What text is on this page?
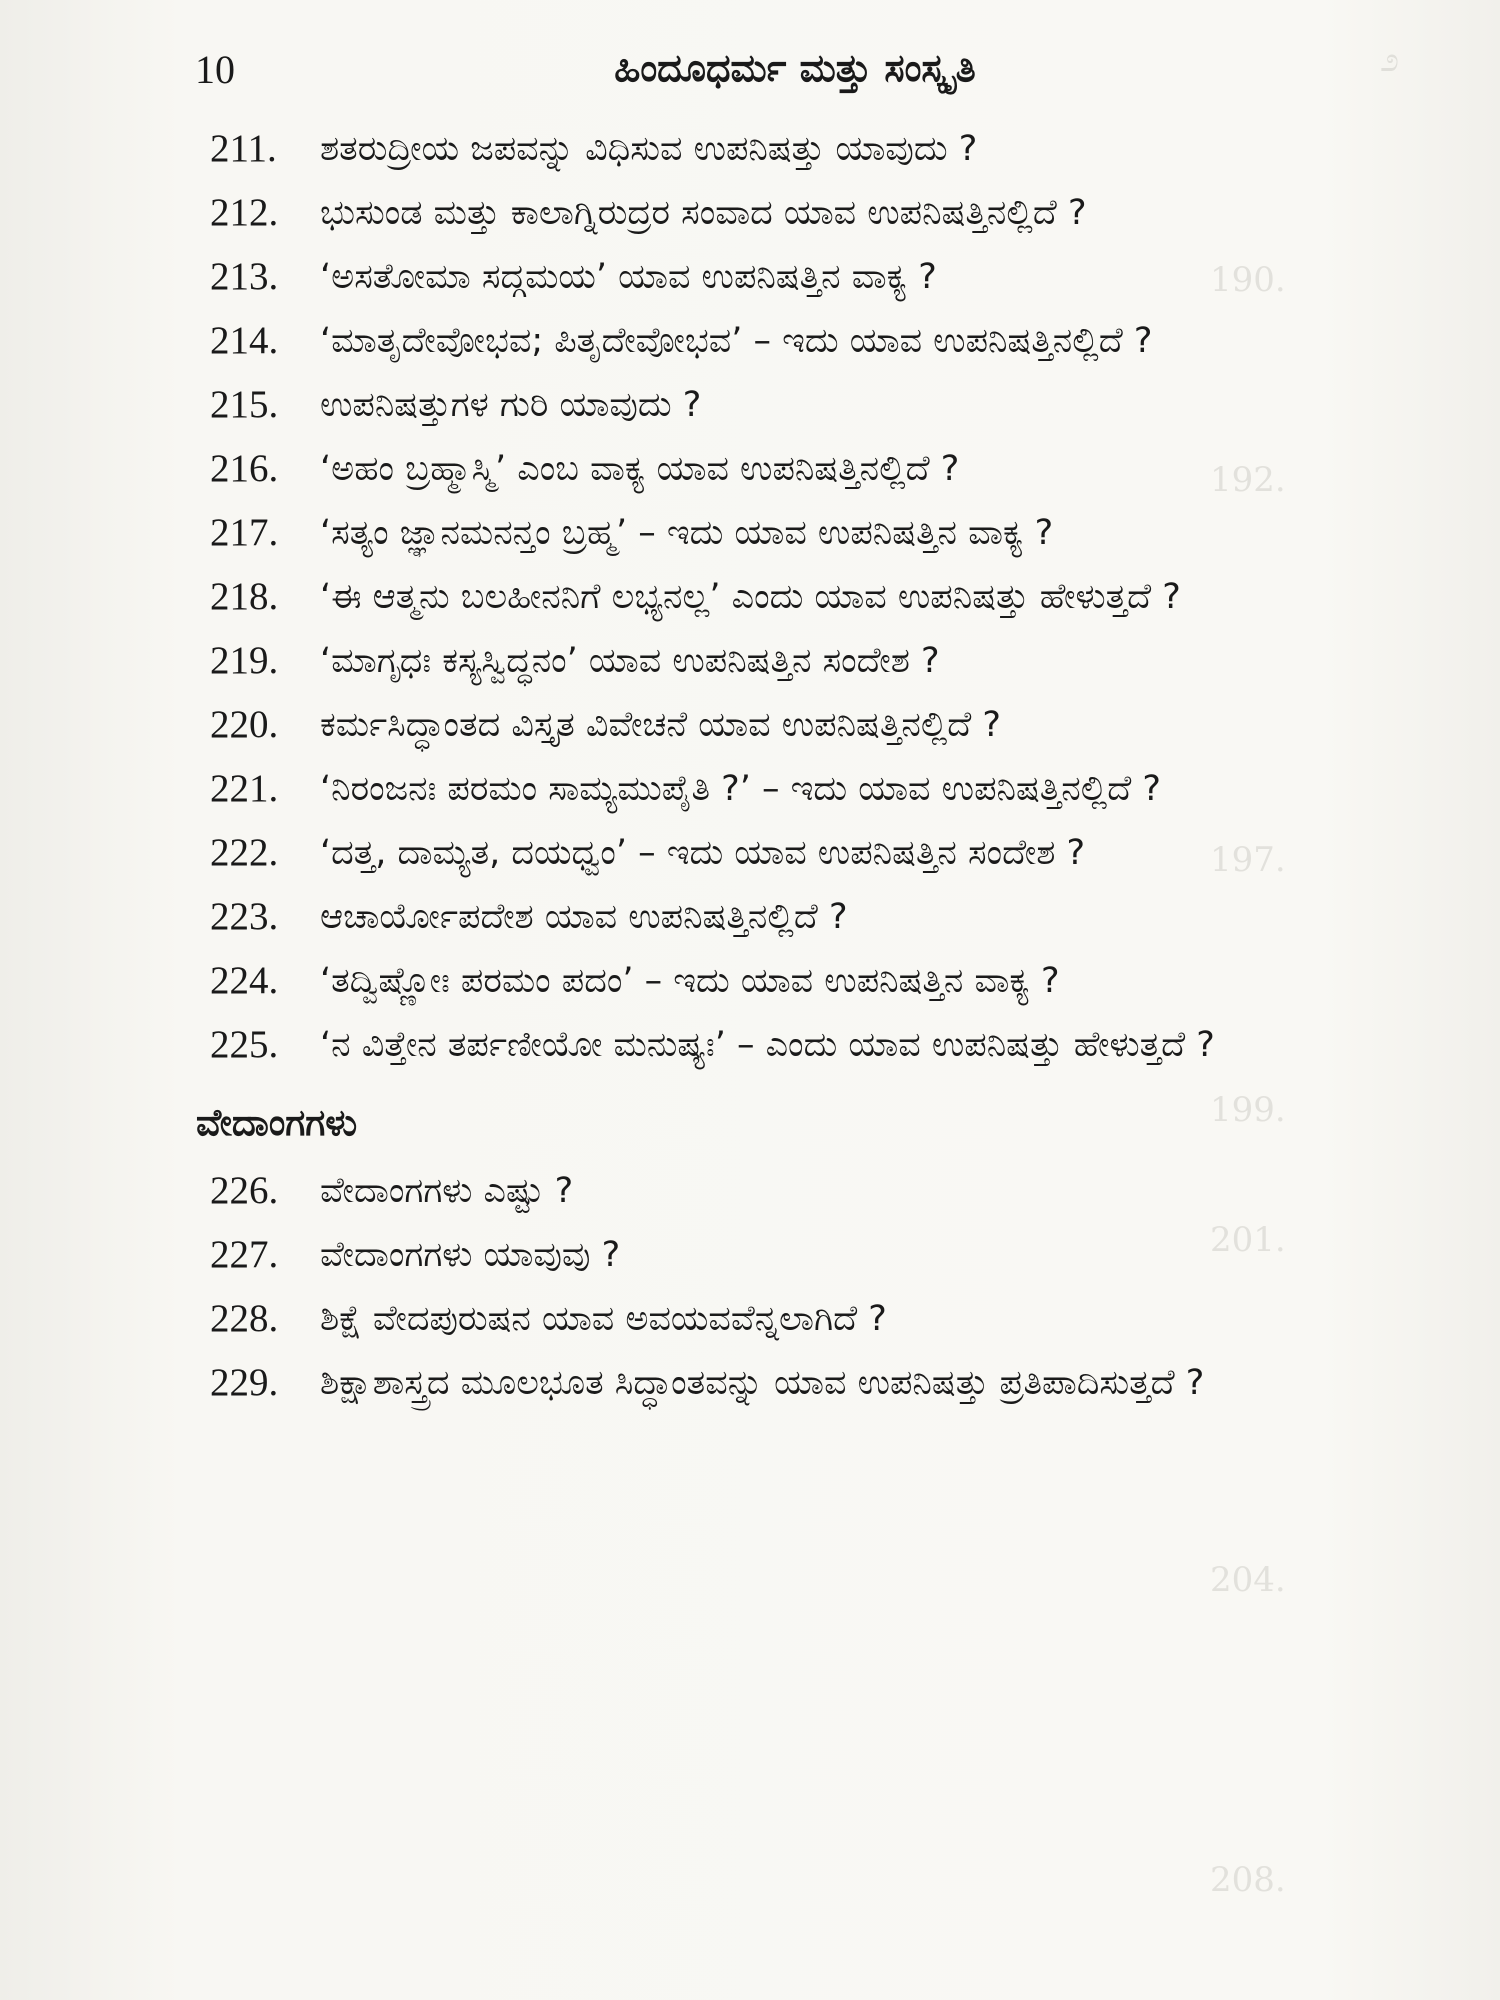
೨
190.
192.
197.
199.
201.
204.
208.
10	ಹಿಂದೂಧರ್ಮ ಮತ್ತು ಸಂಸ್ಕೃತಿ
211.	ಶತರುದ್ರೀಯ ಜಪವನ್ನು ವಿಧಿಸುವ ಉಪನಿಷತ್ತು ಯಾವುದು ?
212.	ಭುಸುಂಡ ಮತ್ತು ಕಾಲಾಗ್ನಿರುದ್ರರ ಸಂವಾದ ಯಾವ ಉಪನಿಷತ್ತಿನಲ್ಲಿದೆ ?
213.	‘ಅಸತೋಮಾ ಸದ್ಗಮಯ’ ಯಾವ ಉಪನಿಷತ್ತಿನ ವಾಕ್ಯ ?
214.	‘ಮಾತೃದೇವೋಭವ; ಪಿತೃದೇವೋಭವ’ – ಇದು ಯಾವ ಉಪನಿಷತ್ತಿನಲ್ಲಿದೆ ?
215.	ಉಪನಿಷತ್ತುಗಳ ಗುರಿ ಯಾವುದು ?
216.	‘ಅಹಂ ಬ್ರಹ್ಮಾಸ್ಮಿ’ ಎಂಬ ವಾಕ್ಯ ಯಾವ ಉಪನಿಷತ್ತಿನಲ್ಲಿದೆ ?
217.	‘ಸತ್ಯಂ ಜ್ಞಾನಮನನ್ತಂ ಬ್ರಹ್ಮ’ – ಇದು ಯಾವ ಉಪನಿಷತ್ತಿನ ವಾಕ್ಯ ?
218.	‘ಈ ಆತ್ಮನು ಬಲಹೀನನಿಗೆ ಲಭ್ಯನಲ್ಲ’ ಎಂದು ಯಾವ ಉಪನಿಷತ್ತು ಹೇಳುತ್ತದೆ ?
219.	‘ಮಾಗೃಧಃ ಕಸ್ಯಸ್ವಿದ್ಧನಂ’ ಯಾವ ಉಪನಿಷತ್ತಿನ ಸಂದೇಶ ?
220.	ಕರ್ಮಸಿದ್ಧಾಂತದ ವಿಸ್ತೃತ ವಿವೇಚನೆ ಯಾವ ಉಪನಿಷತ್ತಿನಲ್ಲಿದೆ ?
221.	‘ನಿರಂಜನಃ ಪರಮಂ ಸಾಮ್ಯಮುಪೈತಿ ?’ – ಇದು ಯಾವ ಉಪನಿಷತ್ತಿನಲ್ಲಿದೆ ?
222.	‘ದತ್ತ, ದಾಮ್ಯತ, ದಯಧ್ವಂ’ – ಇದು ಯಾವ ಉಪನಿಷತ್ತಿನ ಸಂದೇಶ ?
223.	ಆಚಾರ್ಯೋಪದೇಶ ಯಾವ ಉಪನಿಷತ್ತಿನಲ್ಲಿದೆ ?
224.	‘ತದ್ವಿಷ್ಣೋಃ ಪರಮಂ ಪದಂ’ – ಇದು ಯಾವ ಉಪನಿಷತ್ತಿನ ವಾಕ್ಯ ?
225.	‘ನ ವಿತ್ತೇನ ತರ್ಪಣೀಯೋ ಮನುಷ್ಯಃ’ – ಎಂದು ಯಾವ ಉಪನಿಷತ್ತು ಹೇಳುತ್ತದೆ ?
ವೇದಾಂಗಗಳು
226.	ವೇದಾಂಗಗಳು ಎಷ್ಟು ?
227.	ವೇದಾಂಗಗಳು ಯಾವುವು ?
228.	ಶಿಕ್ಷೆ ವೇದಪುರುಷನ ಯಾವ ಅವಯವವೆನ್ನಲಾಗಿದೆ ?
229.	ಶಿಕ್ಷಾಶಾಸ್ತ್ರದ ಮೂಲಭೂತ ಸಿದ್ಧಾಂತವನ್ನು ಯಾವ ಉಪನಿಷತ್ತು ಪ್ರತಿಪಾದಿಸುತ್ತದೆ ?
